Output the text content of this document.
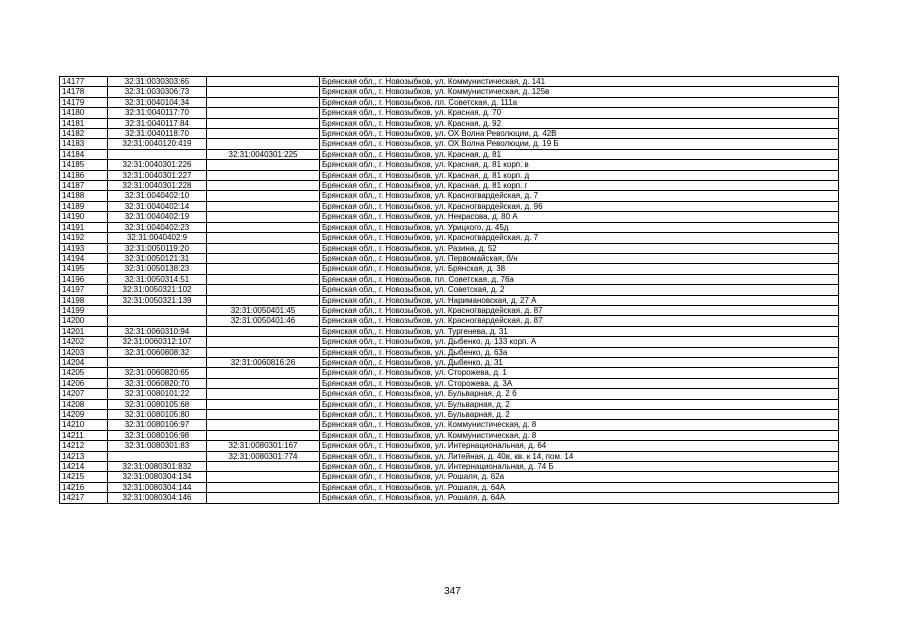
14177	32:31:0030303:65		Брянская обл., г. Новозыбков, ул. Коммунистическая, д. 141
14178	32:31:0030306:73		Брянская обл., г. Новозыбков, ул. Коммунистическая, д. 125в
14179	32:31:0040104:34		Брянская обл., г. Новозыбков, пл. Советская, д. 111а
14180	32:31:0040117:70		Брянская обл., г. Новозыбков, ул. Красная, д. 70
14181	32:31:0040117:84		Брянская обл., г. Новозыбков, ул. Красная, д. 92
14182	32:31:0040118:70		Брянская обл., г. Новозыбков, ул. ОХ Волна Революции, д. 42В
14183	32:31:0040120:419		Брянская обл., г. Новозыбков, ул. ОХ Волна Революции, д. 19 Б
14184		32:31:0040301:225	Брянская обл., г. Новозыбков, ул. Красная, д. 81
14185	32:31:0040301:226		Брянская обл., г. Новозыбков, ул. Красная, д. 81 корп. в
14186	32:31:0040301:227		Брянская обл., г. Новозыбков, ул. Красная, д. 81 корп. д
14187	32:31:0040301:228		Брянская обл., г. Новозыбков, ул. Красная, д. 81 корп. г
14188	32:31:0040402:10		Брянская обл., г. Новозыбков, ул. Красногвардейская, д. 7
14189	32:31:0040402:14		Брянская обл., г. Новозыбков, ул. Красногвардейская, д. 96
14190	32:31:0040402:19		Брянская обл., г. Новозыбков, ул. Некрасова, д. 80 А
14191	32:31:0040402:23		Брянская обл., г. Новозыбков, ул. Урицкого, д. 45д
14192	32:31:0040402:9		Брянская обл., г. Новозыбков, ул. Красногвардейская, д. 7
14193	32:31:0050119:20		Брянская обл., г. Новозыбков, ул. Разина, д. 52
14194	32:31:0050121:31		Брянская обл., г. Новозыбков, ул. Первомайская, б/н
14195	32:31:0050138:23		Брянская обл., г. Новозыбков, ул. Брянская, д. 38
14196	32:31:0050314:51		Брянская обл., г. Новозыбков, пл. Советская, д. 76а
14197	32:31:0050321:102		Брянская обл., г. Новозыбков, ул. Советская, д. 2
14198	32:31:0050321:139		Брянская обл., г. Новозыбков, ул. Наримановская, д. 27 А
14199		32:31:0050401:45	Брянская обл., г. Новозыбков, ул. Красногвардейская, д. 87
14200		32:31:0050401:46	Брянская обл., г. Новозыбков, ул. Красногвардейская, д. 87
14201	32:31:0060310:94		Брянская обл., г. Новозыбков, ул. Тургенева, д. 31
14202	32:31:0060312:107		Брянская обл., г. Новозыбков, ул. Дыбенко, д. 133 корп. А
14203	32:31:0060808:32		Брянская обл., г. Новозыбков, ул. Дыбенко, д. 63а
14204		32:31:0060816:26	Брянская обл., г. Новозыбков, ул. Дыбенко, д. 31
14205	32:31:0060820:65		Брянская обл., г. Новозыбков, ул. Сторожева, д. 1
14206	32:31:0060820:70		Брянская обл., г. Новозыбков, ул. Сторожева, д. 3А
14207	32:31:0080101:22		Брянская обл., г. Новозыбков, ул. Бульварная, д. 2 б
14208	32:31:0080105:68		Брянская обл., г. Новозыбков, ул. Бульварная, д. 2
14209	32:31:0080105:80		Брянская обл., г. Новозыбков, ул. Бульварная, д. 2
14210	32:31:0080106:97		Брянская обл., г. Новозыбков, ул. Коммунистическая, д. 8
14211	32:31:0080106:98		Брянская обл., г. Новозыбков, ул. Коммунистическая, д. 8
14212	32:31:0080301:83	32:31:0080301:167	Брянская обл., г. Новозыбков, ул. Интернациональная, д. 64
14213		32:31:0080301:774	Брянская обл., г. Новозыбков, ул. Литейная, д. 40в, кв. к 14, пом. 14
14214	32:31:0080301:832		Брянская обл., г. Новозыбков, ул. Интернациональная, д. 74 Б
14215	32:31:0080304:134		Брянская обл., г. Новозыбков, ул. Рошаля, д. 62а
14216	32:31:0080304:144		Брянская обл., г. Новозыбков, ул. Рошаля, д. 64А
14217	32:31:0080304:146		Брянская обл., г. Новозыбков, ул. Рошаля, д. 64А
347
